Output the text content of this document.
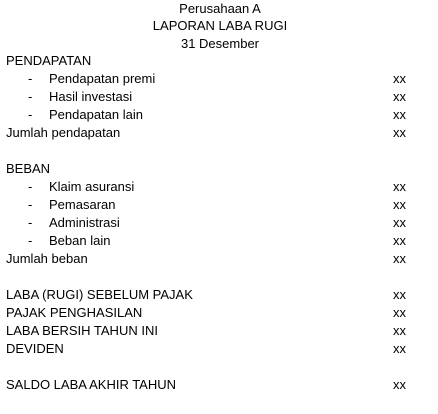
Perusahaan A
LAPORAN LABA RUGI
31 Desember
PENDAPATAN
- Pendapatan premi	xx
- Hasil investasi	xx
- Pendapatan lain	xx
Jumlah pendapatan	xx
BEBAN
- Klaim asuransi	xx
- Pemasaran	xx
- Administrasi	xx
- Beban lain	xx
Jumlah beban	xx
LABA (RUGI) SEBELUM PAJAK	xx
PAJAK PENGHASILAN	xx
LABA BERSIH TAHUN INI	xx
DEVIDEN	xx
SALDO LABA AKHIR TAHUN	xx
